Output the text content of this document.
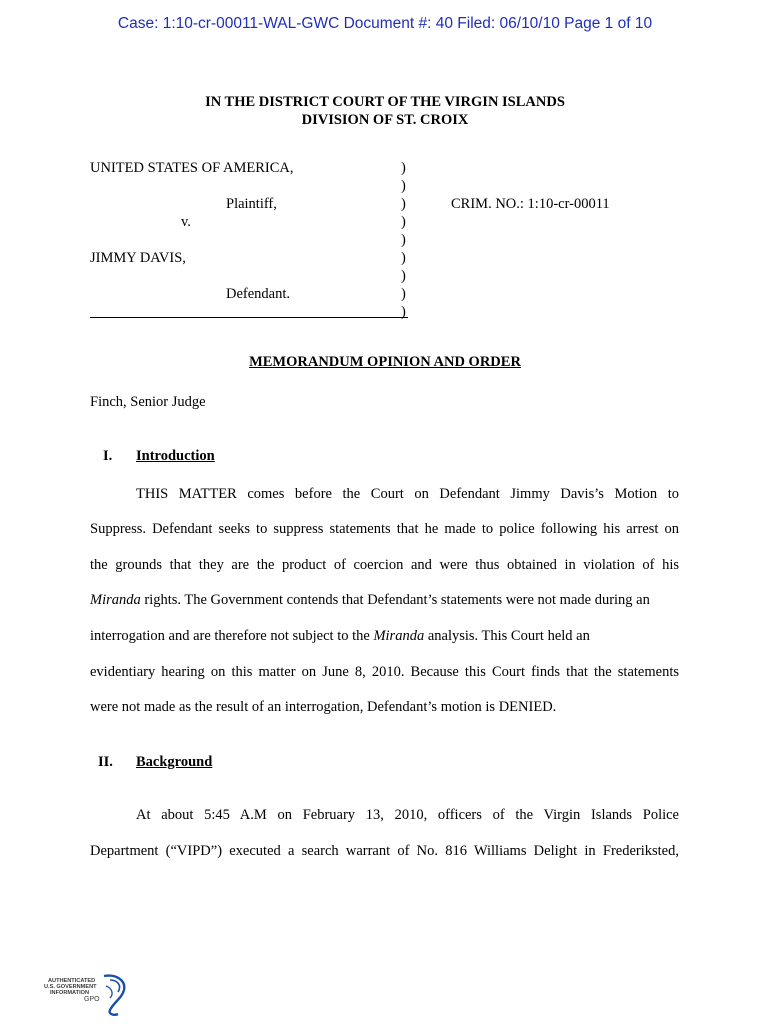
Case: 1:10-cr-00011-WAL-GWC Document #: 40 Filed: 06/10/10 Page 1 of 10
IN THE DISTRICT COURT OF THE VIRGIN ISLANDS
DIVISION OF ST. CROIX
UNITED STATES OF AMERICA,
Plaintiff,
v.
JIMMY DAVIS,
Defendant.
CRIM. NO.: 1:10-cr-00011
)
)
)
)
)
)
)
)
)
MEMORANDUM OPINION AND ORDER
Finch, Senior Judge
I. Introduction
THIS MATTER comes before the Court on Defendant Jimmy Davis’s Motion to
Suppress. Defendant seeks to suppress statements that he made to police following his arrest on
the grounds that they are the product of coercion and were thus obtained in violation of his
Miranda rights. The Government contends that Defendant’s statements were not made during an
interrogation and are therefore not subject to the Miranda analysis. This Court held an
evidentiary hearing on this matter on June 8, 2010. Because this Court finds that the statements
were not made as the result of an interrogation, Defendant’s motion is DENIED.
II. Background
At about 5:45 A.M on February 13, 2010, officers of the Virgin Islands Police
Department (“VIPD”) executed a search warrant of No. 816 Williams Delight in Frederiksted,
AUTHENTICATED
U.S. GOVERNMENT
INFORMATION
GPO
